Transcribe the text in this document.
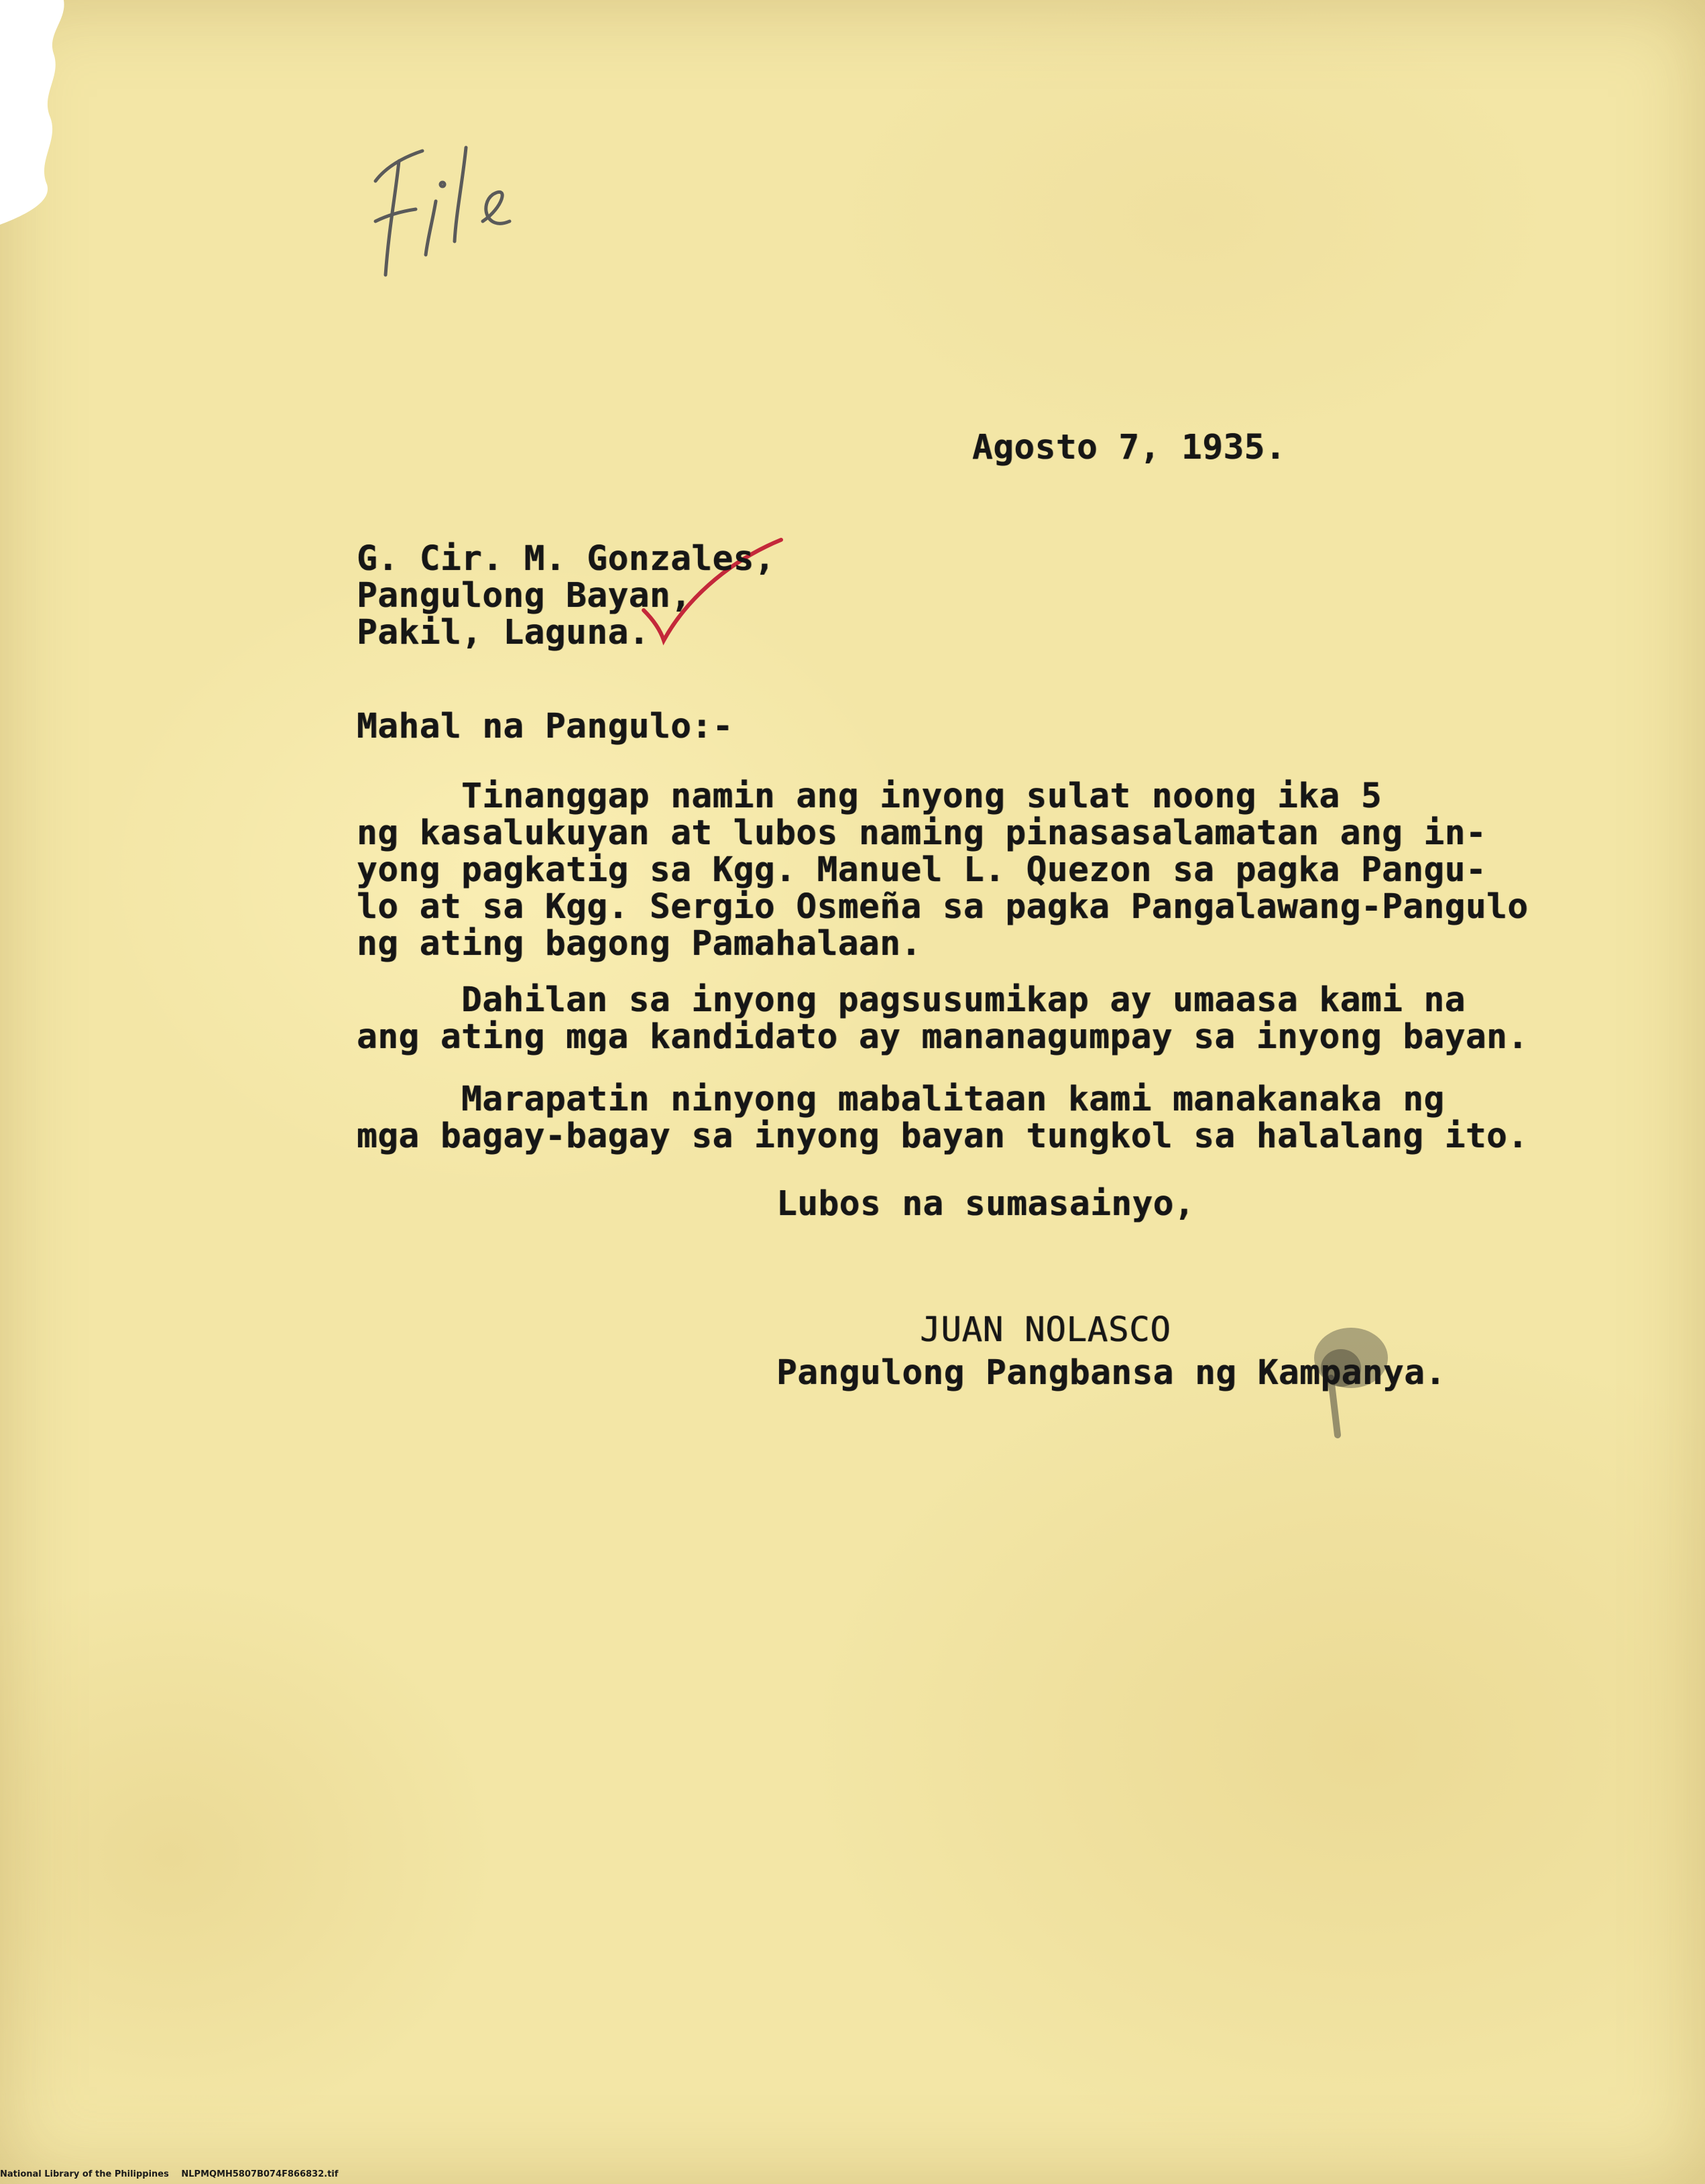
Agosto 7, 1935.

G. Cir. M. Gonzales,

Pangulong Bayan,

Pakil, Laguna.

Mahal na Pangulo:-

Tinanggap namin ang inyong sulat noong ika 5

ng kasalukuyan at lubos naming pinasasalamatan ang in-

yong pagkatig sa Kgg. Manuel L. Quezon sa pagka Pangu-

lo at sa Kgg. Sergio Osmeña sa pagka Pangalawang-Pangulo

ng ating bagong Pamahalaan.

Dahilan sa inyong pagsusumikap ay umaasa kami na

ang ating mga kandidato ay mananagumpay sa inyong bayan.

Marapatin ninyong mabalitaan kami manakanaka ng

mga bagay-bagay sa inyong bayan tungkol sa halalang ito.

Lubos na sumasainyo,
JUAN NOLASCO
Pangulong Pangbansa ng Kampanya.
National Library of the Philippines NLPMQMH5807B074F866832.tif
